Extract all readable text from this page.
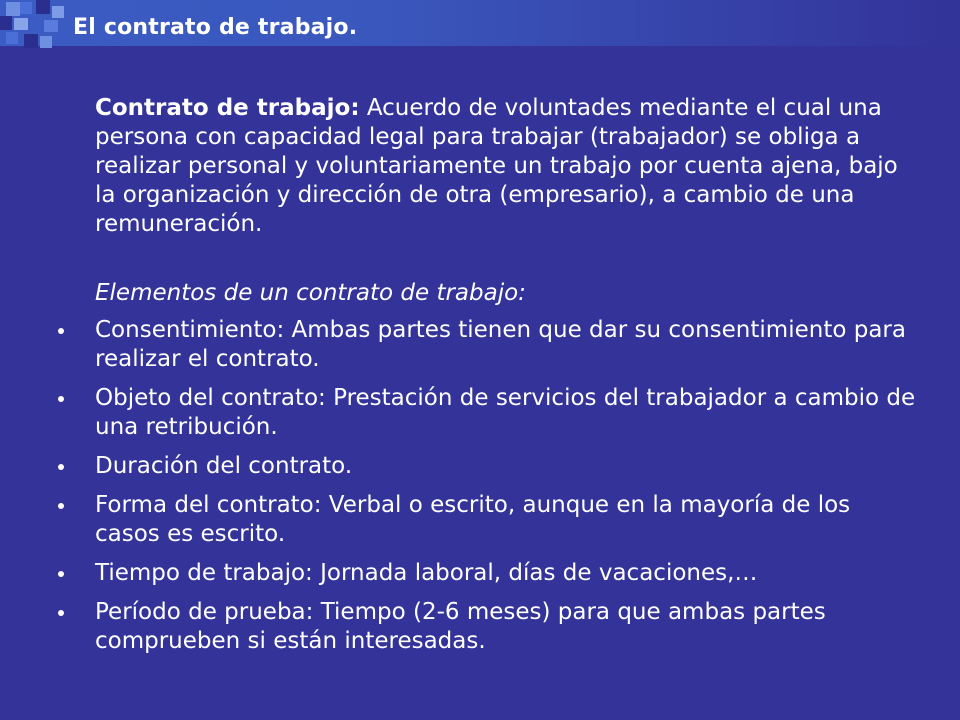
El contrato de trabajo.
Contrato de trabajo: Acuerdo de voluntades mediante el cual una persona con capacidad legal para trabajar (trabajador) se obliga a realizar personal y voluntariamente un trabajo por cuenta ajena, bajo la organización y dirección de otra (empresario), a cambio de una remuneración.
Elementos de un contrato de trabajo:
Consentimiento: Ambas partes tienen que dar su consentimiento para realizar el contrato.
Objeto del contrato: Prestación de servicios del trabajador a cambio de una retribución.
Duración del contrato.
Forma del contrato: Verbal o escrito, aunque en la mayoría de los casos es escrito.
Tiempo de trabajo: Jornada laboral, días de vacaciones,…
Período de prueba: Tiempo (2-6 meses) para que ambas partes comprueben si están interesadas.
